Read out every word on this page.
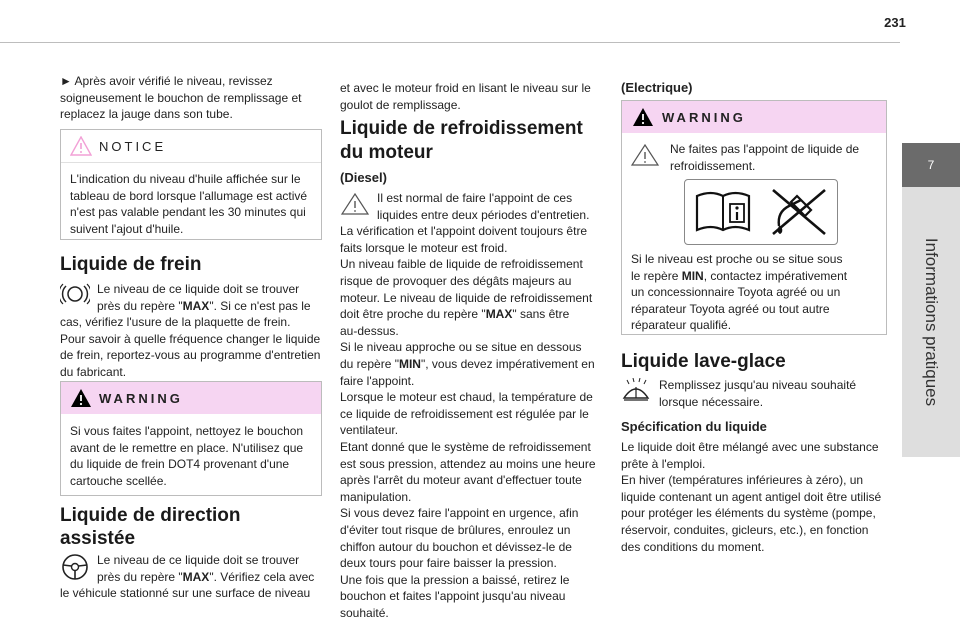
231
7
Informations pratiques

► Après avoir vérifié le niveau, revissez

soigneusement le bouchon de remplissage et

replacez la jauge dans son tube.

NOTICE

L'indication du niveau d'huile affichée sur le

tableau de bord lorsque l'allumage est activé

n'est pas valable pendant les 30 minutes qui

suivent l'ajout d'huile.

Liquide de frein

Le niveau de ce liquide doit se trouver

près du repère "MAX". Si ce n'est pas le

cas, vérifiez l'usure de la plaquette de frein.

Pour savoir à quelle fréquence changer le liquide

de frein, reportez-vous au programme d'entretien

du fabricant.

WARNING

Si vous faites l'appoint, nettoyez le bouchon

avant de le remettre en place. N'utilisez que

du liquide de frein DOT4 provenant d'une

cartouche scellée.

Liquide de direction
assistée

Le niveau de ce liquide doit se trouver

près du repère "MAX". Vérifiez cela avec

le véhicule stationné sur une surface de niveau

et avec le moteur froid en lisant le niveau sur le

goulot de remplissage.

Liquide de refroidissement
du moteur
(Diesel)

Il est normal de faire l'appoint de ces

liquides entre deux périodes d'entretien.

La vérification et l'appoint doivent toujours être

faits lorsque le moteur est froid.

Un niveau faible de liquide de refroidissement

risque de provoquer des dégâts majeurs au

moteur. Le niveau de liquide de refroidissement

doit être proche du repère "MAX" sans être

au-dessus.

Si le niveau approche ou se situe en dessous

du repère "MIN", vous devez impérativement en

faire l'appoint.

Lorsque le moteur est chaud, la température de

ce liquide de refroidissement est régulée par le

ventilateur.

Etant donné que le système de refroidissement

est sous pression, attendez au moins une heure

après l'arrêt du moteur avant d'effectuer toute

manipulation.

Si vous devez faire l'appoint en urgence, afin

d'éviter tout risque de brûlures, enroulez un

chiffon autour du bouchon et dévissez-le de

deux tours pour faire baisser la pression.

Une fois que la pression a baissé, retirez le

bouchon et faites l'appoint jusqu'au niveau

souhaité.

(Electrique)
WARNING

Ne faites pas l'appoint de liquide de

refroidissement.

Si le niveau est proche ou se situe sous

le repère MIN, contactez impérativement

un concessionnaire Toyota agréé ou un

réparateur Toyota agréé ou tout autre

réparateur qualifié.

Liquide lave-glace

Remplissez jusqu'au niveau souhaité

lorsque nécessaire.

Spécification du liquide

Le liquide doit être mélangé avec une substance

prête à l'emploi.

En hiver (températures inférieures à zéro), un

liquide contenant un agent antigel doit être utilisé

pour protéger les éléments du système (pompe,

réservoir, conduites, gicleurs, etc.), en fonction

des conditions du moment.
